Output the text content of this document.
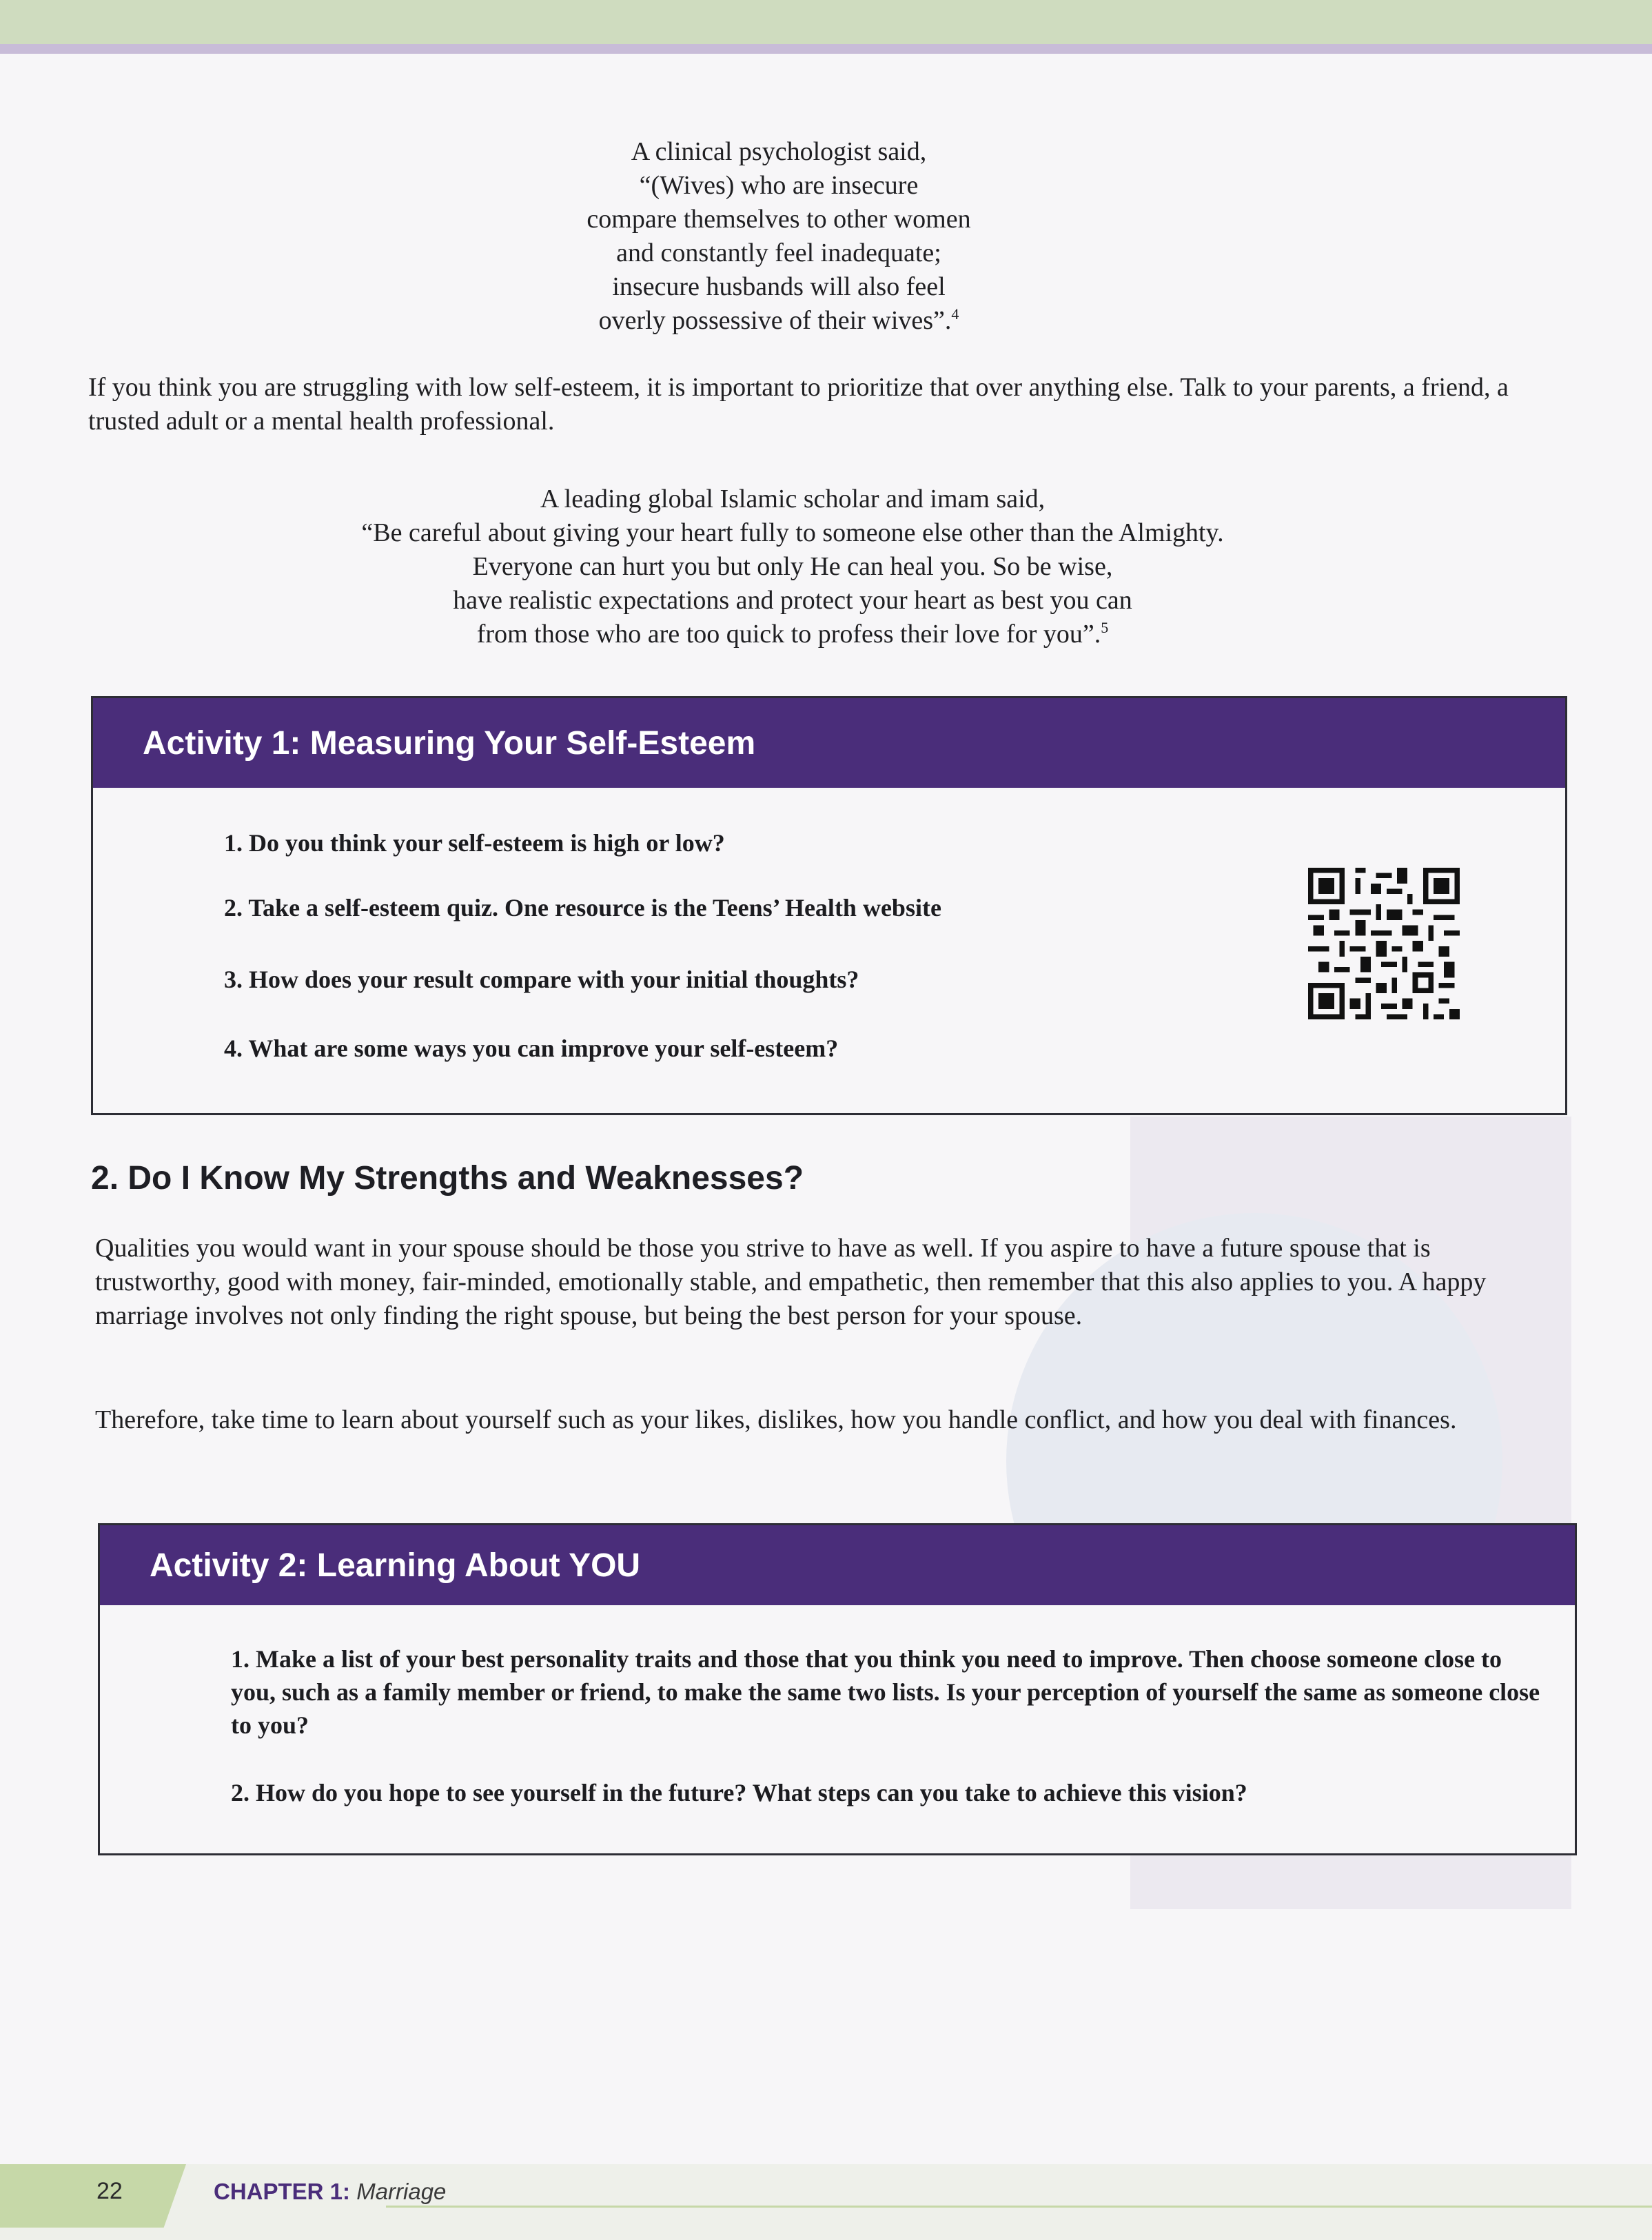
A clinical psychologist said,
“(Wives) who are insecure
compare themselves to other women
and constantly feel inadequate;
insecure husbands will also feel
overly possessive of their wives”.$^4$
If you think you are struggling with low self-esteem, it is important to prioritize that over anything else. Talk to your parents, a friend, a trusted adult or a mental health professional.
A leading global Islamic scholar and imam said,
“Be careful about giving your heart fully to someone else other than the Almighty.
Everyone can hurt you but only He can heal you. So be wise,
have realistic expectations and protect your heart as best you can
from those who are too quick to profess their love for you”.$^5$
Activity 1: Measuring Your Self-Esteem
1. Do you think your self-esteem is high or low?
2. Take a self-esteem quiz. One resource is the Teens’ Health website
3. How does your result compare with your initial thoughts?
4. What are some ways you can improve your self-esteem?
2. Do I Know My Strengths and Weaknesses?
Qualities you would want in your spouse should be those you strive to have as well. If you aspire to have a future spouse that is trustworthy, good with money, fair-minded, emotionally stable, and empathetic, then remember that this also applies to you. A happy marriage involves not only finding the right spouse, but being the best person for your spouse.
Therefore, take time to learn about yourself such as your likes, dislikes, how you handle conflict, and how you deal with finances.
Activity 2: Learning About YOU
1. Make a list of your best personality traits and those that you think you need to improve. Then choose someone close to you, such as a family member or friend, to make the same two lists. Is your perception of yourself the same as someone close to you?
2. How do you hope to see yourself in the future? What steps can you take to achieve this vision?
22	CHAPTER 1: Marriage
